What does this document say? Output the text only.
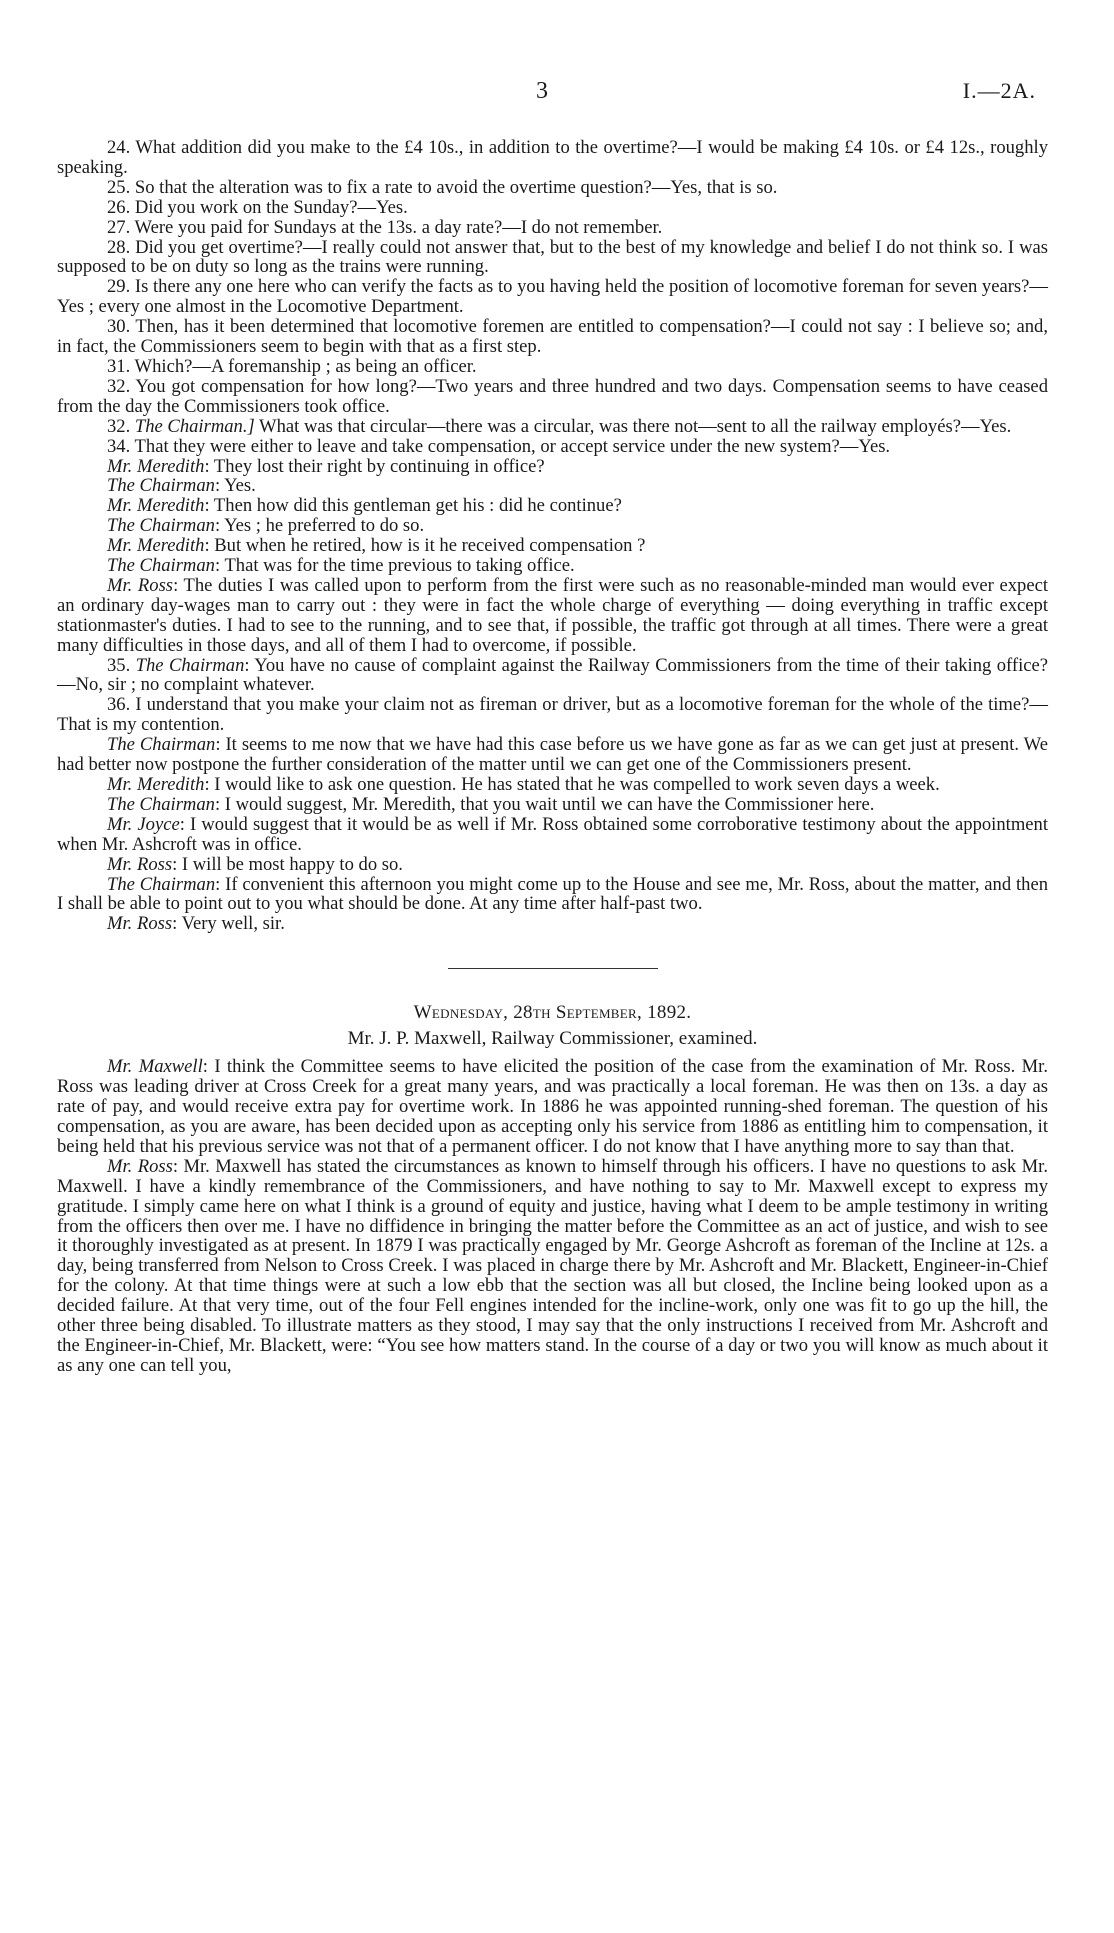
3	I.—2A.

24. What addition did you make to the £4 10s., in addition to the overtime?—I would be making £4 10s. or £4 12s., roughly speaking.

25. So that the alteration was to fix a rate to avoid the overtime question?—Yes, that is so.

26. Did you work on the Sunday?—Yes.

27. Were you paid for Sundays at the 13s. a day rate?—I do not remember.

28. Did you get overtime?—I really could not answer that, but to the best of my knowledge and belief I do not think so. I was supposed to be on duty so long as the trains were running.

29. Is there any one here who can verify the facts as to you having held the position of locomotive foreman for seven years?—Yes ; every one almost in the Locomotive Department.

30. Then, has it been determined that locomotive foremen are entitled to compensation?—I could not say : I believe so; and, in fact, the Commissioners seem to begin with that as a first step.

31. Which?—A foremanship ; as being an officer.

32. You got compensation for how long?—Two years and three hundred and two days. Compensation seems to have ceased from the day the Commissioners took office.

32. The Chairman.] What was that circular—there was a circular, was there not—sent to all the railway employés?—Yes.

34. That they were either to leave and take compensation, or accept service under the new system?—Yes.

Mr. Meredith: They lost their right by continuing in office?

The Chairman: Yes.

Mr. Meredith: Then how did this gentleman get his : did he continue?

The Chairman: Yes ; he preferred to do so.

Mr. Meredith: But when he retired, how is it he received compensation ?

The Chairman: That was for the time previous to taking office.

Mr. Ross: The duties I was called upon to perform from the first were such as no reasonable-minded man would ever expect an ordinary day-wages man to carry out : they were in fact the whole charge of everything — doing everything in traffic except stationmaster's duties. I had to see to the running, and to see that, if possible, the traffic got through at all times. There were a great many difficulties in those days, and all of them I had to overcome, if possible.

35. The Chairman: You have no cause of complaint against the Railway Commissioners from the time of their taking office?—No, sir ; no complaint whatever.

36. I understand that you make your claim not as fireman or driver, but as a locomotive foreman for the whole of the time?—That is my contention.

The Chairman: It seems to me now that we have had this case before us we have gone as far as we can get just at present. We had better now postpone the further consideration of the matter until we can get one of the Commissioners present.

Mr. Meredith: I would like to ask one question. He has stated that he was compelled to work seven days a week.

The Chairman: I would suggest, Mr. Meredith, that you wait until we can have the Commissioner here.

Mr. Joyce: I would suggest that it would be as well if Mr. Ross obtained some corroborative testimony about the appointment when Mr. Ashcroft was in office.

Mr. Ross: I will be most happy to do so.

The Chairman: If convenient this afternoon you might come up to the House and see me, Mr. Ross, about the matter, and then I shall be able to point out to you what should be done. At any time after half-past two.

Mr. Ross: Very well, sir.

Wednesday, 28th September, 1892.

Mr. J. P. Maxwell, Railway Commissioner, examined.

Mr. Maxwell: I think the Committee seems to have elicited the position of the case from the examination of Mr. Ross. Mr. Ross was leading driver at Cross Creek for a great many years, and was practically a local foreman. He was then on 13s. a day as rate of pay, and would receive extra pay for overtime work. In 1886 he was appointed running-shed foreman. The question of his compensation, as you are aware, has been decided upon as accepting only his service from 1886 as entitling him to compensation, it being held that his previous service was not that of a permanent officer. I do not know that I have anything more to say than that.

Mr. Ross: Mr. Maxwell has stated the circumstances as known to himself through his officers. I have no questions to ask Mr. Maxwell. I have a kindly remembrance of the Commissioners, and have nothing to say to Mr. Maxwell except to express my gratitude. I simply came here on what I think is a ground of equity and justice, having what I deem to be ample testimony in writing from the officers then over me. I have no diffidence in bringing the matter before the Committee as an act of justice, and wish to see it thoroughly investigated as at present. In 1879 I was practically engaged by Mr. George Ashcroft as foreman of the Incline at 12s. a day, being transferred from Nelson to Cross Creek. I was placed in charge there by Mr. Ashcroft and Mr. Blackett, Engineer-in-Chief for the colony. At that time things were at such a low ebb that the section was all but closed, the Incline being looked upon as a decided failure. At that very time, out of the four Fell engines intended for the incline-work, only one was fit to go up the hill, the other three being disabled. To illustrate matters as they stood, I may say that the only instructions I received from Mr. Ashcroft and the Engineer-in-Chief, Mr. Blackett, were: “You see how matters stand. In the course of a day or two you will know as much about it as any one can tell you,
